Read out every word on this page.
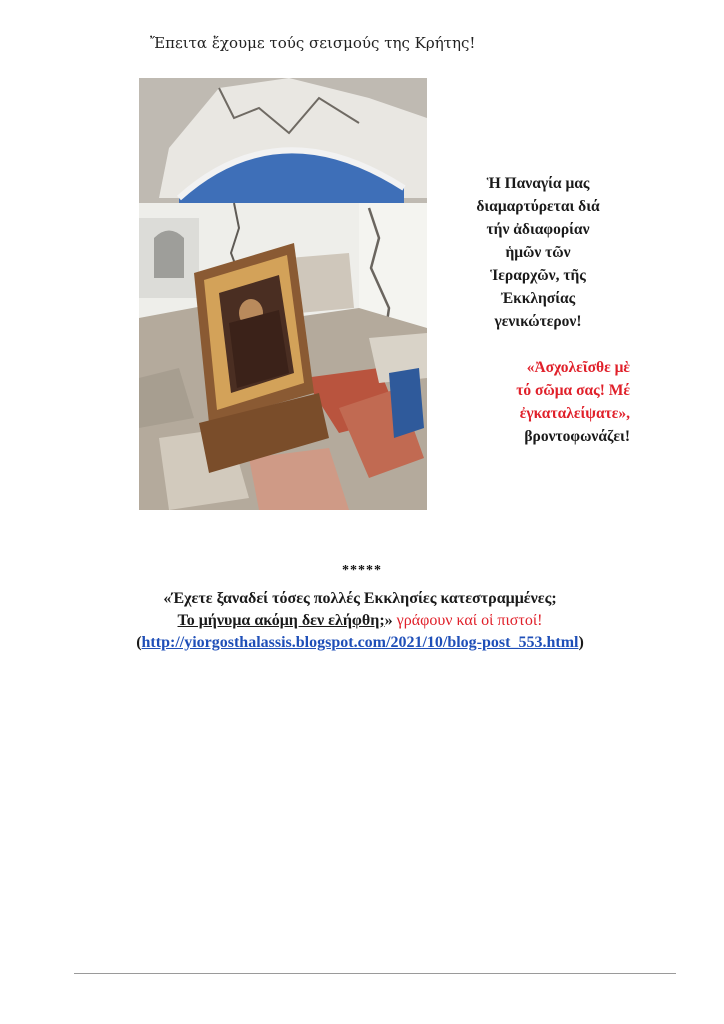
Ἔπειτα ἔχουμε τούς σεισμούς της Κρήτης!

Ἡ Παναγία μας

διαμαρτύρεται διά

τήν ἀδιαφορίαν

ἡμῶν τῶν

Ἱεραρχῶν, τῆς

Ἐκκλησίας

γενικώτερον!

«Ἀσχολεῖσθε μὲ
τό σῶμα σας! Μέ
ἐγκαταλείψατε»,
βροντοφωνάζει!
*****

«Έχετε ξαναδεί τόσες πολλές Εκκλησίες κατεστραμμένες;

Το μήνυμα ακόμη δεν ελήφθη;» γράφουν καί οἱ πιστοί!

(http://yiorgosthalassis.blogspot.com/2021/10/blog-post_553.html)
